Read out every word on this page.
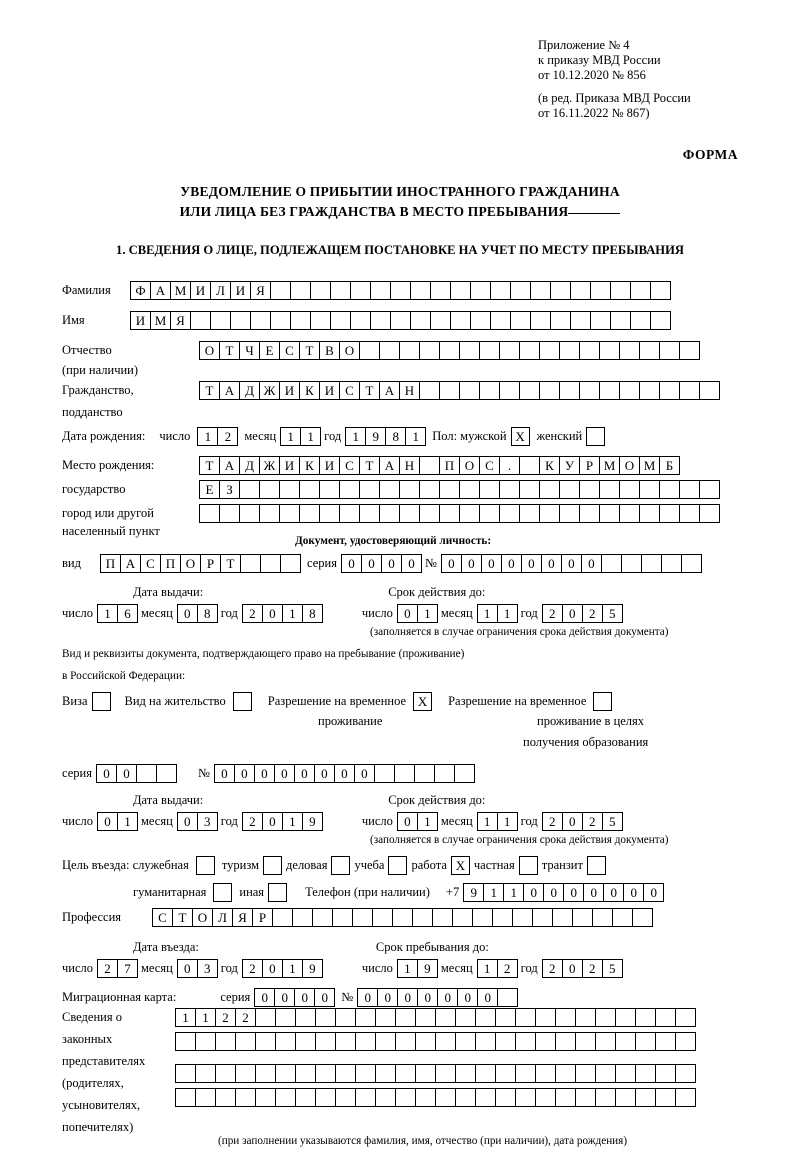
Приложение № 4
к приказу МВД России
от 10.12.2020 № 856
(в ред. Приказа МВД России
от 16.11.2022 № 867)
ФОРМА
УВЕДОМЛЕНИЕ О ПРИБЫТИИ ИНОСТРАННОГО ГРАЖДАНИНА
ИЛИ ЛИЦА БЕЗ ГРАЖДАНСТВА В МЕСТО ПРЕБЫВАНИЯ
1. СВЕДЕНИЯ О ЛИЦЕ, ПОДЛЕЖАЩЕМ ПОСТАНОВКЕ НА УЧЕТ ПО МЕСТУ ПРЕБЫВАНИЯ
Фамилия	Ф А М И Л И Я
Имя	И М Я
Отчество	О Т Ч Е С Т В О
(при наличии)
Гражданство,	Т А Д Ж И К И С Т А Н
подданство
Дата рождения: число	1	2	месяц 1	1 год 1	9	8	1	Пол: мужской X женский
Место рождения:	Т А Д Ж И К И С Т А Н	П О С	.	К У Р М О М Б
государство	Е З
город или другой
населенный пункт
Документ, удостоверяющий личность:
вид	П А С П О Р Т	серия 0	0	0	0 № 0	0	0	0	0	0	0	0
Дата выдачи:	Срок действия до:
число 1	6 месяц 0	8 год 2	0	1	8	число 0	1 месяц 1	1 год 2	0	2	5
(заполняется в случае ограничения срока действия документа)
Вид и реквизиты документа, подтверждающего право на пребывание (проживание)
в Российской Федерации:
Виза	Вид на жительство	Разрешение на временное X	Разрешение на временное
проживание	проживание в целях
получения образования
серия 0	0	№ 0	0	0	0	0	0	0	0
Дата выдачи:	Срок действия до:
число 0	1 месяц 0	3 год 2	0	1	9	число 0	1 месяц 1	1 год 2	0	2	5
(заполняется в случае ограничения срока действия документа)
Цель въезда: служебная	туризм деловая учеба работа X частная транзит
гуманитарная	иная	Телефон (при наличии) +7 9	1	1	0	0	0	0	0	0	0
Профессия	С Т О Л Я Р
Дата въезда:	Срок пребывания до:
число 2	7 месяц 0	3 год 2	0	1	9	число 1	9 месяц 1	2 год 2	0	2	5
Миграционная карта:	серия 0	0	0	0	№ 0	0	0	0	0	0	0
Сведения о
законных
представителях
(родителях,
усыновителях,
попечителях)
1	1	2	2
(при заполнении указываются фамилия, имя, отчество (при наличии), дата рождения)
